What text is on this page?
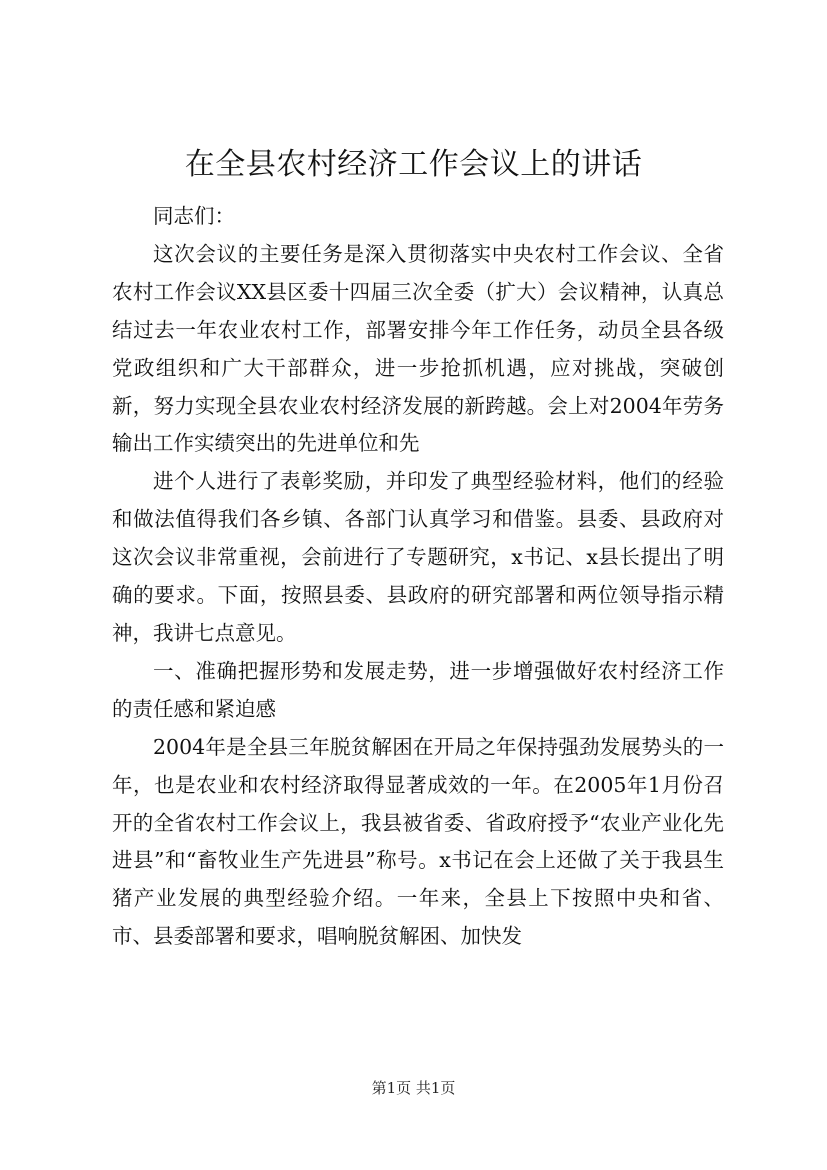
在全县农村经济工作会议上的讲话

同志们：

这次会议的主要任务是深入贯彻落实中央农村工作会议、全省农村工作会议XX县区委十四届三次全委（扩大）会议精神，认真总结过去一年农业农村工作，部署安排今年工作任务，动员全县各级党政组织和广大干部群众，进一步抢抓机遇，应对挑战，突破创新，努力实现全县农业农村经济发展的新跨越。会上对2004年劳务输出工作实绩突出的先进单位和先

进个人进行了表彰奖励，并印发了典型经验材料，他们的经验和做法值得我们各乡镇、各部门认真学习和借鉴。县委、县政府对这次会议非常重视，会前进行了专题研究，x书记、x县长提出了明确的要求。下面，按照县委、县政府的研究部署和两位领导指示精神，我讲七点意见。

一、准确把握形势和发展走势，进一步增强做好农村经济工作的责任感和紧迫感

2004年是全县三年脱贫解困在开局之年保持强劲发展势头的一年，也是农业和农村经济取得显著成效的一年。在2005年1月份召开的全省农村工作会议上，我县被省委、省政府授予“农业产业化先进县”和“畜牧业生产先进县”称号。x书记在会上还做了关于我县生猪产业发展的典型经验介绍。一年来，全县上下按照中央和省、市、县委部署和要求，唱响脱贫解困、加快发

第1页 共1页
